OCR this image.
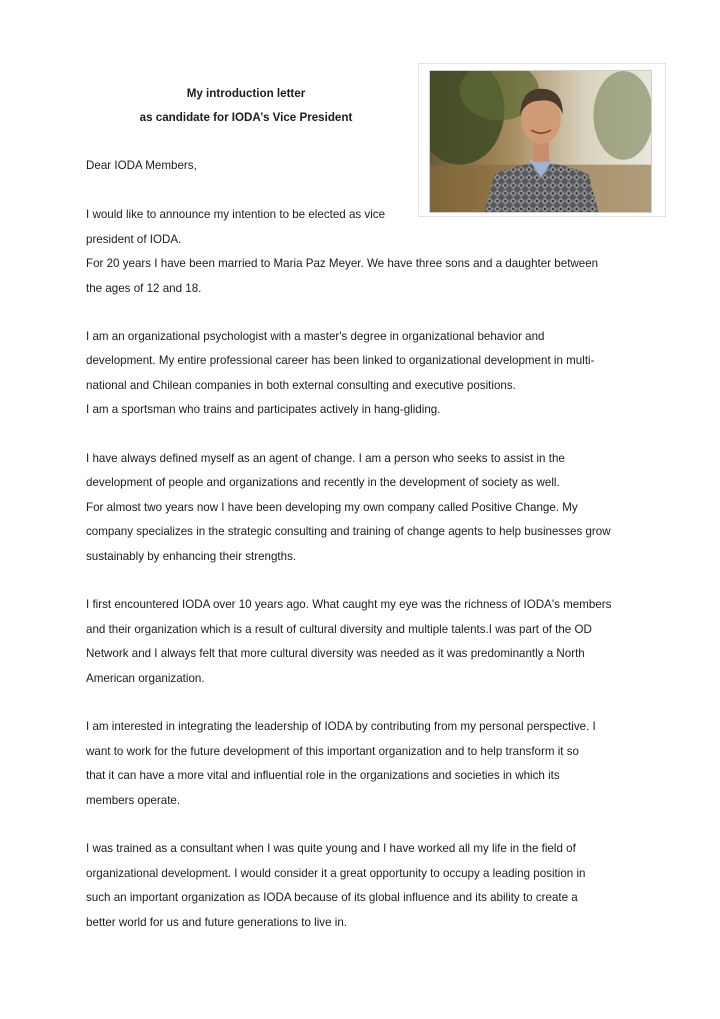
My introduction letter
as candidate for IODA’s Vice President
Dear IODA Members,
I would like to announce my intention to be elected as vice
president of IODA.
For 20 years I have been married to Maria Paz Meyer. We have three sons and a daughter between
the ages of 12 and 18.
I am an organizational psychologist with a master's degree in organizational behavior and
development. My entire professional career has been linked to organizational development in multi-
national and Chilean companies in both external consulting and executive positions.
I am a sportsman who trains and participates actively in hang-gliding.
I have always defined myself as an agent of change. I am a person who seeks to assist in the
development of people and organizations and recently in the development of society as well.
For almost two years now I have been developing my own company called Positive Change. My
company specializes in the strategic consulting and training of change agents to help businesses grow
sustainably by enhancing their strengths.
I first encountered IODA over 10 years ago. What caught my eye was the richness of IODA's members
and their organization which is a result of cultural diversity and multiple talents.I was part of the OD
Network and I always felt that more cultural diversity was needed as it was predominantly a North
American organization.
I am interested in integrating the leadership of IODA by contributing from my personal perspective. I
want to work for the future development of this important organization and to help transform it so
that it can have a more vital and influential role in the organizations and societies in which its
members operate.
I was trained as a consultant when I was quite young and I have worked all my life in the field of
organizational development. I would consider it a great opportunity to occupy a leading position in
such an important organization as IODA because of its global influence and its ability to create a
better world for us and future generations to live in.
